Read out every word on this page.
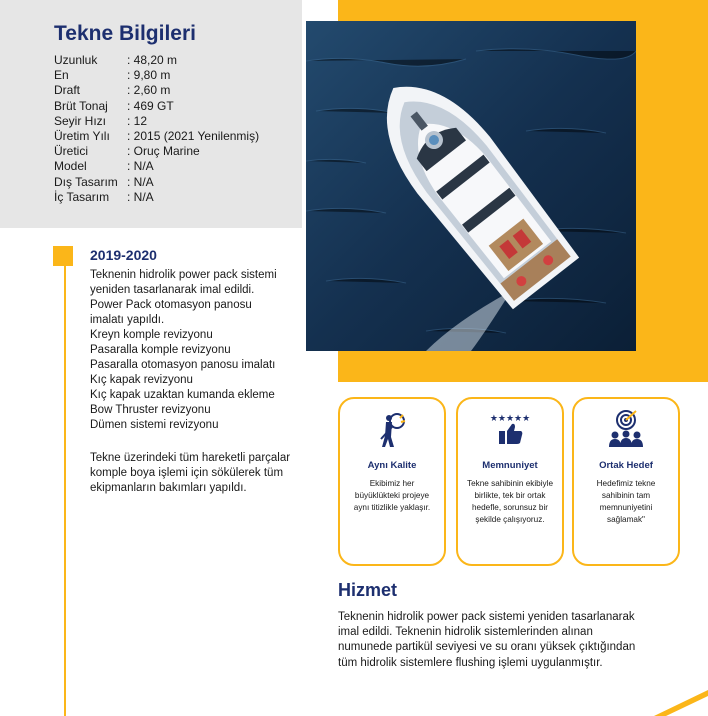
Tekne Bilgileri
Uzunluk	: 48,20 m
En	: 9,80 m
Draft	: 2,60 m
Brüt Tonaj	: 469 GT
Seyir Hızı	: 12
Üretim Yılı	: 2015 (2021 Yenilenmiş)
Üretici	: Oruç Marine
Model	: N/A
Dış Tasarım : N/A
İç Tasarım	: N/A
2019-2020
Teknenin hidrolik power pack sistemi
yeniden tasarlanarak imal edildi.
Power Pack otomasyon panosu
imalatı yapıldı.
Kreyn komple revizyonu
Pasaralla komple revizyonu
Pasaralla otomasyon panosu imalatı
Kıç kapak revizyonu
Kıç kapak uzaktan kumanda ekleme
Bow Thruster revizyonu
Dümen sistemi revizyonu

Tekne üzerindeki tüm hareketli parçalar komple boya işlemi için sökülerek tüm ekipmanların bakımları yapıldı.

Aynı Kalite
Ekibimiz her büyüklükteki projeye aynı titizlikle yaklaşır.
★★★★★
Memnuniyet
Tekne sahibinin ekibiyle birlikte, tek bir ortak hedefle, sorunsuz bir şekilde çalışıyoruz.
Ortak Hedef
Hedefimiz tekne sahibinin tam memnuniyetini sağlamak"
Hizmet

Teknenin hidrolik power pack sistemi yeniden tasarlanarak imal edildi. Teknenin hidrolik sistemlerinden alınan numunede partikül seviyesi ve su oranı yüksek çıktığından tüm hidrolik sistemlere flushing işlemi uygulanmıştır.
